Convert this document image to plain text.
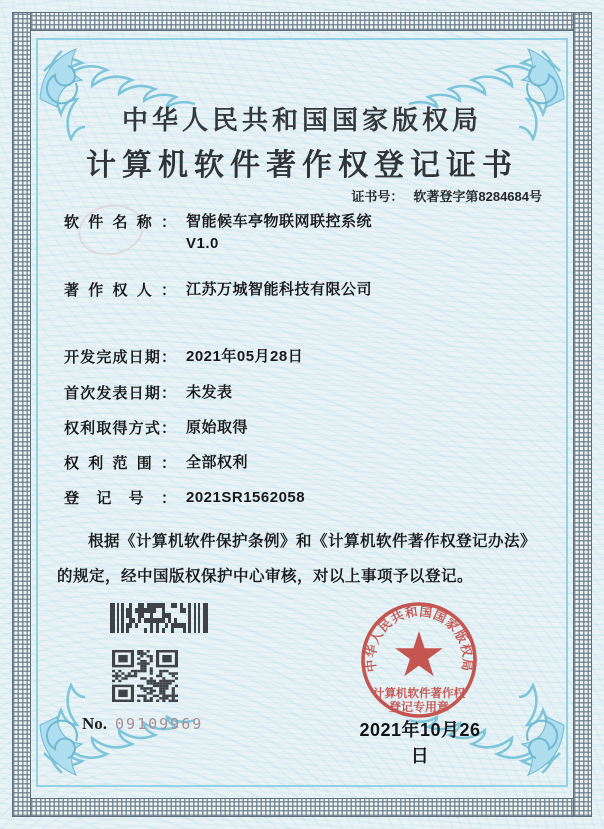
中华人民共和国国家版权局
计算机软件著作权登记证书
证书号： 软著登字第8284684号
软件名称： 智能候车亭物联网联控系统
V1.0
著作权人： 江苏万城智能科技有限公司
开发完成日期： 2021年05月28日
首次发表日期： 未发表
权利取得方式： 原始取得
权利范围： 全部权利
登记号： 2021SR1562058
根据《计算机软件保护条例》和《计算机软件著作权登记办法》的规定，经中国版权保护中心审核，对以上事项予以登记。
No. 09109969
中华人民共和国国家版权局
计算机软件著作权
登记专用章
2021年10月26日
